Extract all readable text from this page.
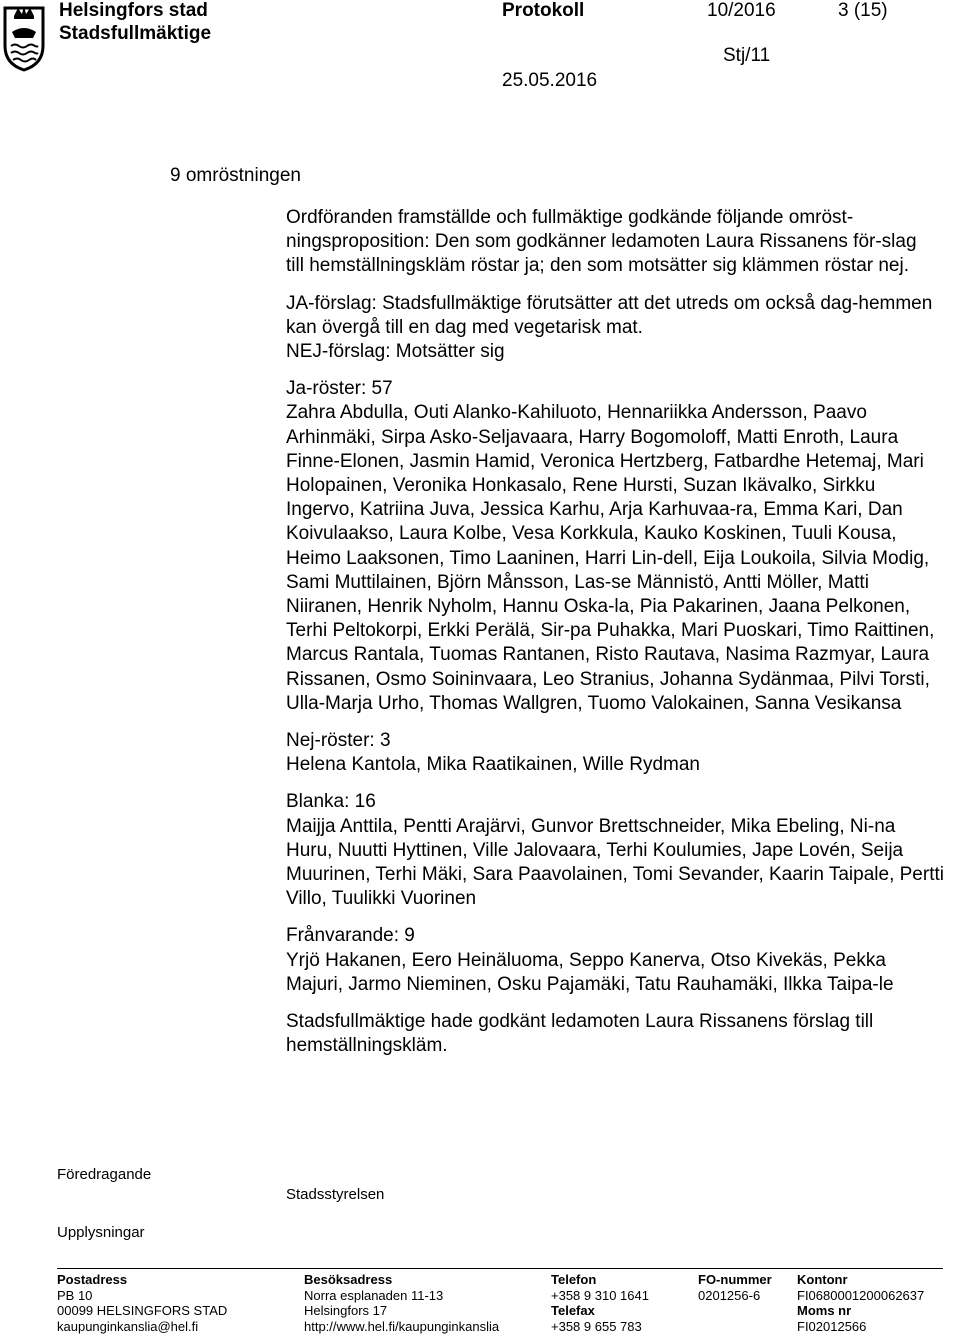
Helsingfors stad
Stadsfullmäktige
Protokoll	10/2016	3 (15)
Stj/11
25.05.2016
9 omröstningen

Ordföranden framställde och fullmäktige godkände följande omröst-ningsproposition: Den som godkänner ledamoten Laura Rissanens för-slag till hemställningskläm röstar ja; den som motsätter sig klämmen röstar nej.

JA-förslag: Stadsfullmäktige förutsätter att det utreds om också dag-hemmen kan övergå till en dag med vegetarisk mat.

NEJ-förslag: Motsätter sig

Ja-röster: 57

Zahra Abdulla, Outi Alanko-Kahiluoto, Hennariikka Andersson, Paavo Arhinmäki, Sirpa Asko-Seljavaara, Harry Bogomoloff, Matti Enroth, Laura Finne-Elonen, Jasmin Hamid, Veronica Hertzberg, Fatbardhe Hetemaj, Mari Holopainen, Veronika Honkasalo, Rene Hursti, Suzan Ikävalko, Sirkku Ingervo, Katriina Juva, Jessica Karhu, Arja Karhuvaa-ra, Emma Kari, Dan Koivulaakso, Laura Kolbe, Vesa Korkkula, Kauko Koskinen, Tuuli Kousa, Heimo Laaksonen, Timo Laaninen, Harri Lin-dell, Eija Loukoila, Silvia Modig, Sami Muttilainen, Björn Månsson, Las-se Männistö, Antti Möller, Matti Niiranen, Henrik Nyholm, Hannu Oska-la, Pia Pakarinen, Jaana Pelkonen, Terhi Peltokorpi, Erkki Perälä, Sir-pa Puhakka, Mari Puoskari, Timo Raittinen, Marcus Rantala, Tuomas Rantanen, Risto Rautava, Nasima Razmyar, Laura Rissanen, Osmo Soininvaara, Leo Stranius, Johanna Sydänmaa, Pilvi Torsti, Ulla-Marja Urho, Thomas Wallgren, Tuomo Valokainen, Sanna Vesikansa

Nej-röster: 3

Helena Kantola, Mika Raatikainen, Wille Rydman

Blanka: 16

Maijja Anttila, Pentti Arajärvi, Gunvor Brettschneider, Mika Ebeling, Ni-na Huru, Nuutti Hyttinen, Ville Jalovaara, Terhi Koulumies, Jape Lovén, Seija Muurinen, Terhi Mäki, Sara Paavolainen, Tomi Sevander, Kaarin Taipale, Pertti Villo, Tuulikki Vuorinen

Frånvarande: 9

Yrjö Hakanen, Eero Heinäluoma, Seppo Kanerva, Otso Kivekäs, Pekka Majuri, Jarmo Nieminen, Osku Pajamäki, Tatu Rauhamäki, Ilkka Taipa-le

Stadsfullmäktige hade godkänt ledamoten Laura Rissanens förslag till hemställningskläm.

Föredragande
Stadsstyrelsen
Upplysningar
Postadress
PB 10
00099 HELSINGFORS STAD
kaupunginkanslia@hel.fi
Besöksadress
Norra esplanaden 11-13
Helsingfors 17
http://www.hel.fi/kaupunginkanslia
Telefon
+358 9 310 1641
Telefax
+358 9 655 783
FO-nummer
0201256-6
Kontonr
FI0680001200062637
Moms nr
FI02012566
